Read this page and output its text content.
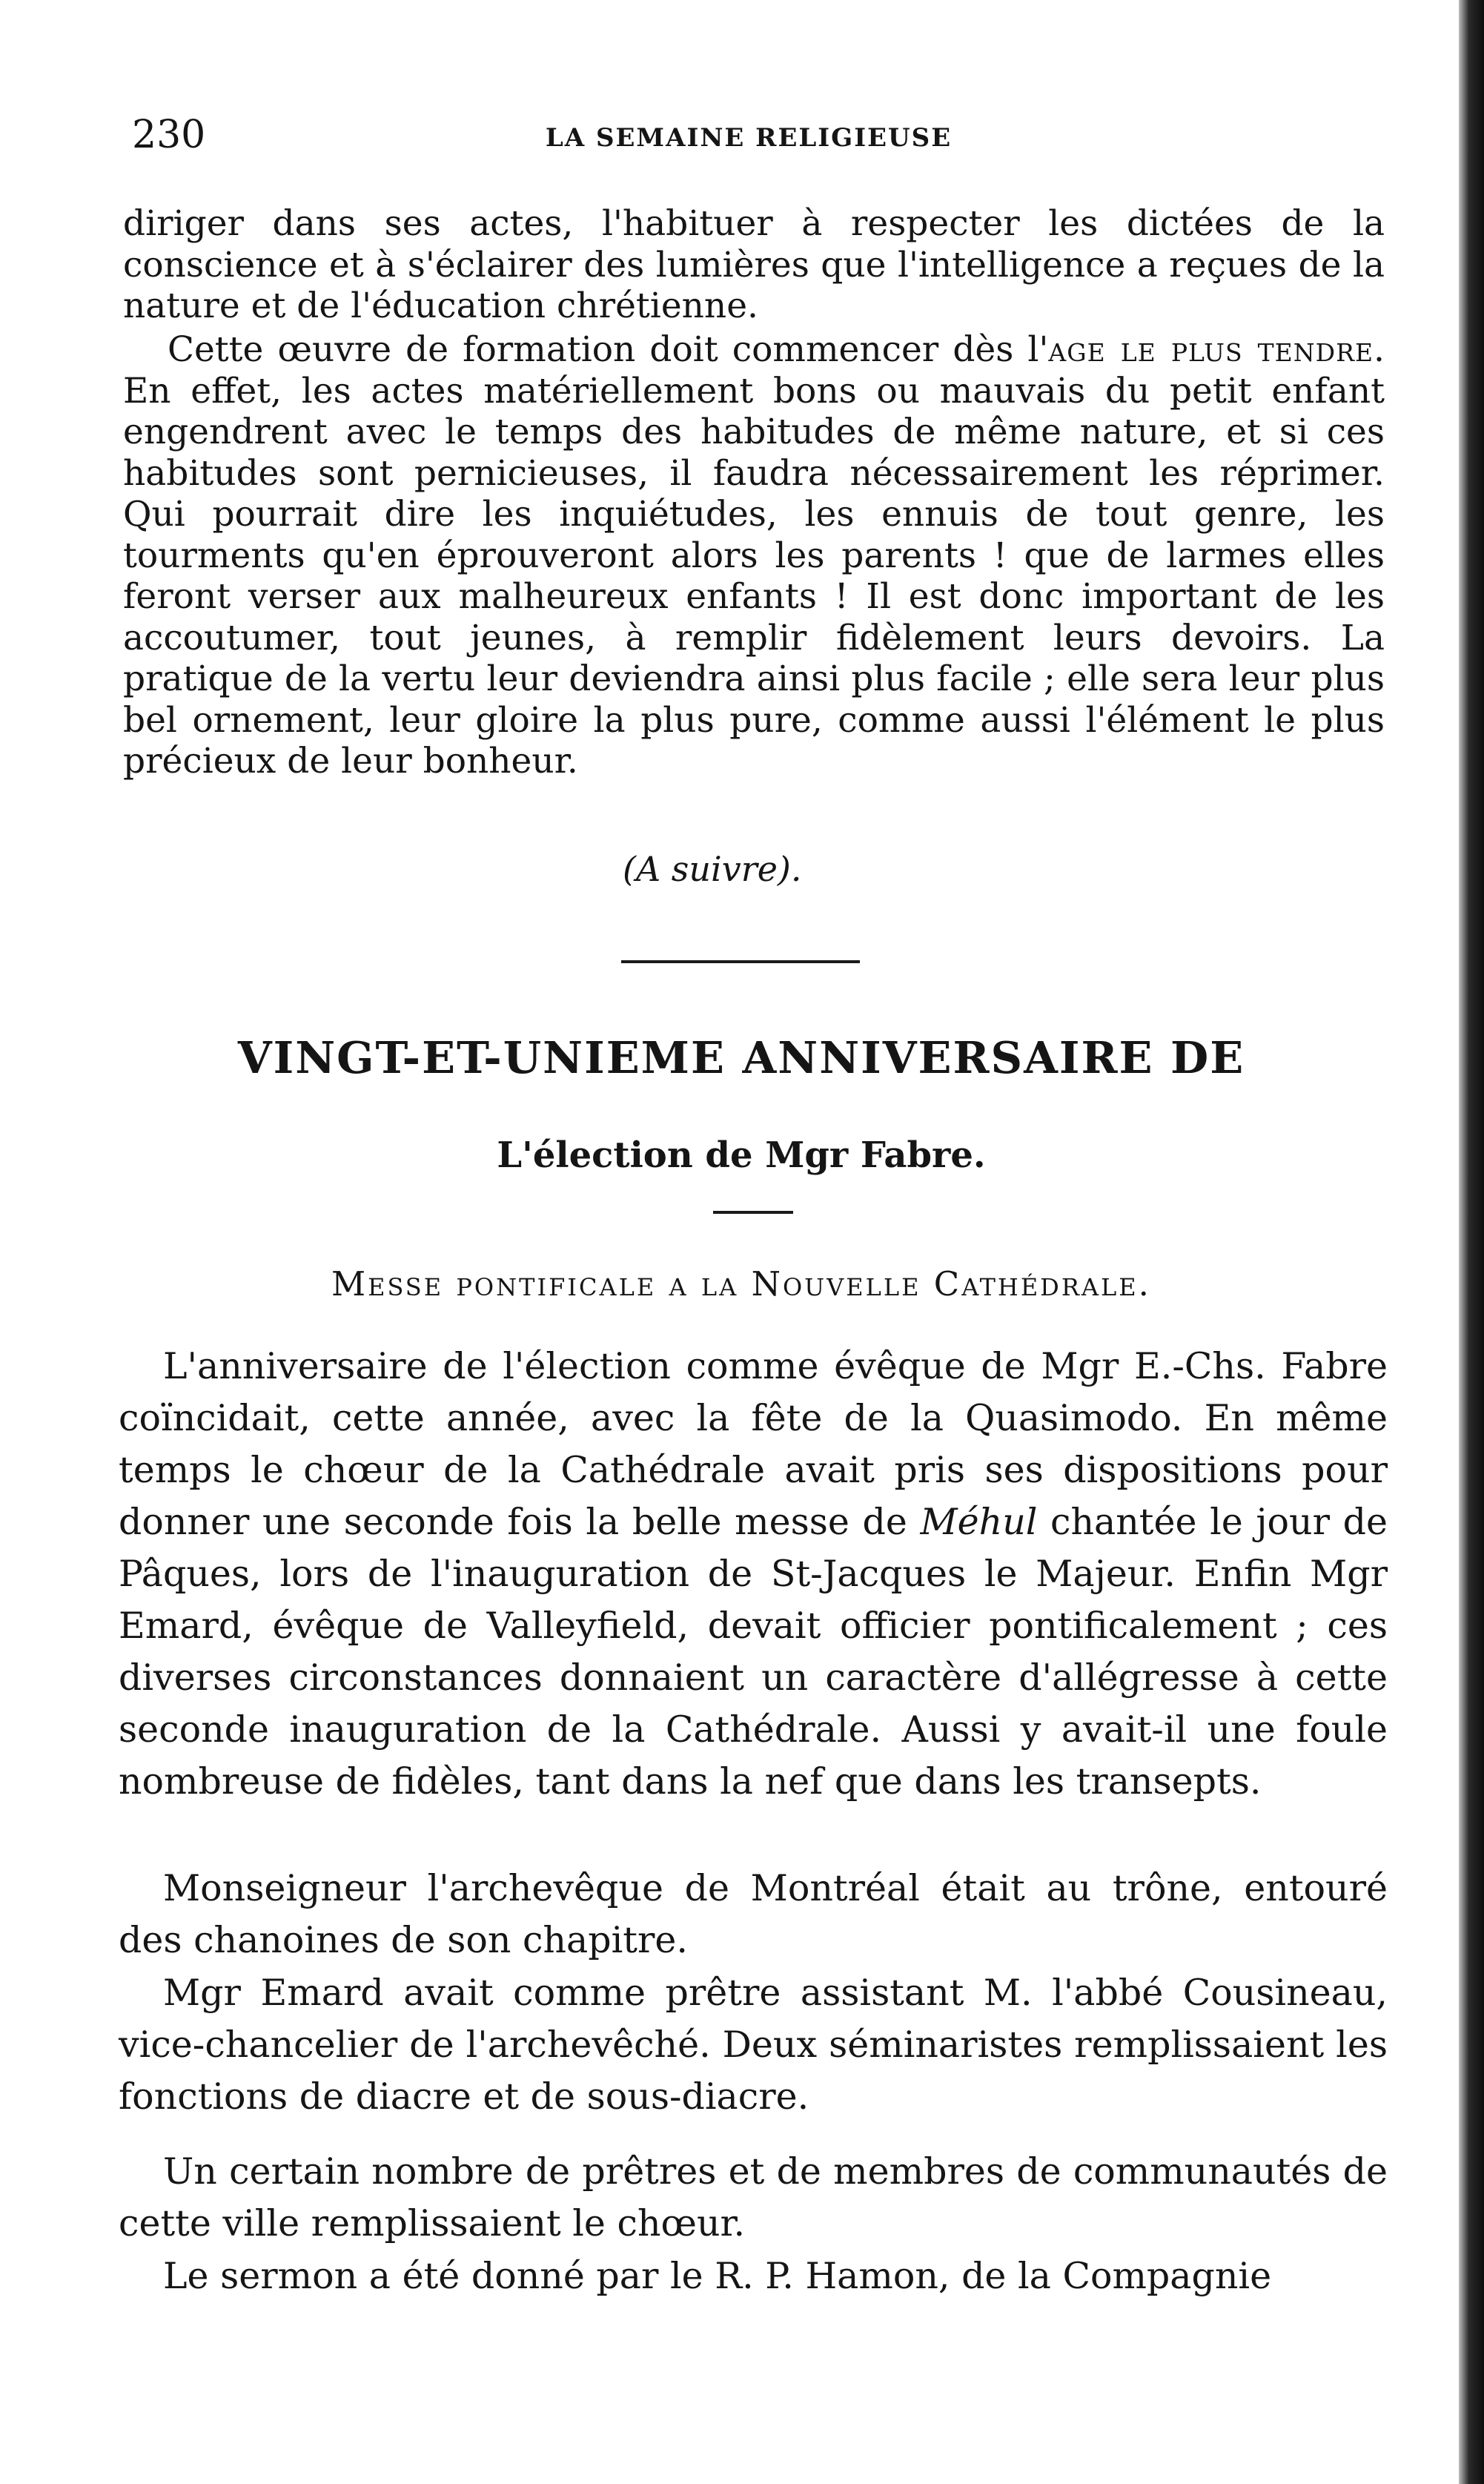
230	LA SEMAINE RELIGIEUSE

diriger dans ses actes, l'habituer à respecter les dictées de la conscience et à s'éclairer des lumières que l'intelligence a reçues de la nature et de l'éducation chrétienne.

Cette œuvre de formation doit commencer dès l'age le plus tendre. En effet, les actes matériellement bons ou mauvais du petit enfant engendrent avec le temps des habitudes de même nature, et si ces habitudes sont pernicieuses, il faudra nécessairement les réprimer. Qui pourrait dire les inquiétudes, les ennuis de tout genre, les tourments qu'en éprouveront alors les parents ! que de larmes elles feront verser aux malheureux enfants ! Il est donc important de les accoutumer, tout jeunes, à remplir fidèlement leurs devoirs. La pratique de la vertu leur deviendra ainsi plus facile ; elle sera leur plus bel ornement, leur gloire la plus pure, comme aussi l'élément le plus précieux de leur bonheur.

(A suivre).
VINGT-ET-UNIEME ANNIVERSAIRE DE
L'élection de Mgr Fabre.
Messe pontificale a la Nouvelle Cathédrale.

L'anniversaire de l'élection comme évêque de Mgr E.-Chs. Fabre coïncidait, cette année, avec la fête de la Quasimodo. En même temps le chœur de la Cathédrale avait pris ses dispositions pour donner une seconde fois la belle messe de Méhul chantée le jour de Pâques, lors de l'inauguration de St-Jacques le Majeur. Enfin Mgr Emard, évêque de Valleyfield, devait officier pontificalement ; ces diverses circonstances donnaient un caractère d'allégresse à cette seconde inauguration de la Cathédrale. Aussi y avait-il une foule nombreuse de fidèles, tant dans la nef que dans les transepts.

Monseigneur l'archevêque de Montréal était au trône, entouré des chanoines de son chapitre.

Mgr Emard avait comme prêtre assistant M. l'abbé Cousineau, vice-chancelier de l'archevêché. Deux séminaristes remplissaient les fonctions de diacre et de sous-diacre.

Un certain nombre de prêtres et de membres de communautés de cette ville remplissaient le chœur.

Le sermon a été donné par le R. P. Hamon, de la Compagnie
